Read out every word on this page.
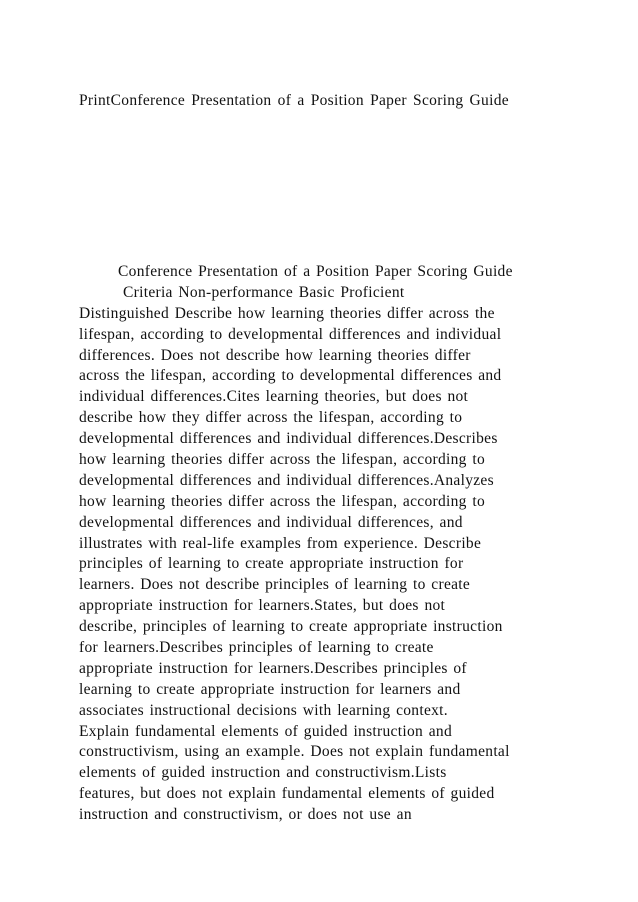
PrintConference Presentation of a Position Paper Scoring Guide
Conference Presentation of a Position Paper Scoring Guide
Criteria Non-performance Basic Proficient
Distinguished Describe how learning theories differ across the
lifespan, according to developmental differences and individual
differences. Does not describe how learning theories differ
across the lifespan, according to developmental differences and
individual differences.Cites learning theories, but does not
describe how they differ across the lifespan, according to
developmental differences and individual differences.Describes
how learning theories differ across the lifespan, according to
developmental differences and individual differences.Analyzes
how learning theories differ across the lifespan, according to
developmental differences and individual differences, and
illustrates with real-life examples from experience. Describe
principles of learning to create appropriate instruction for
learners. Does not describe principles of learning to create
appropriate instruction for learners.States, but does not
describe, principles of learning to create appropriate instruction
for learners.Describes principles of learning to create
appropriate instruction for learners.Describes principles of
learning to create appropriate instruction for learners and
associates instructional decisions with learning context.
Explain fundamental elements of guided instruction and
constructivism, using an example. Does not explain fundamental
elements of guided instruction and constructivism.Lists
features, but does not explain fundamental elements of guided
instruction and constructivism, or does not use an
